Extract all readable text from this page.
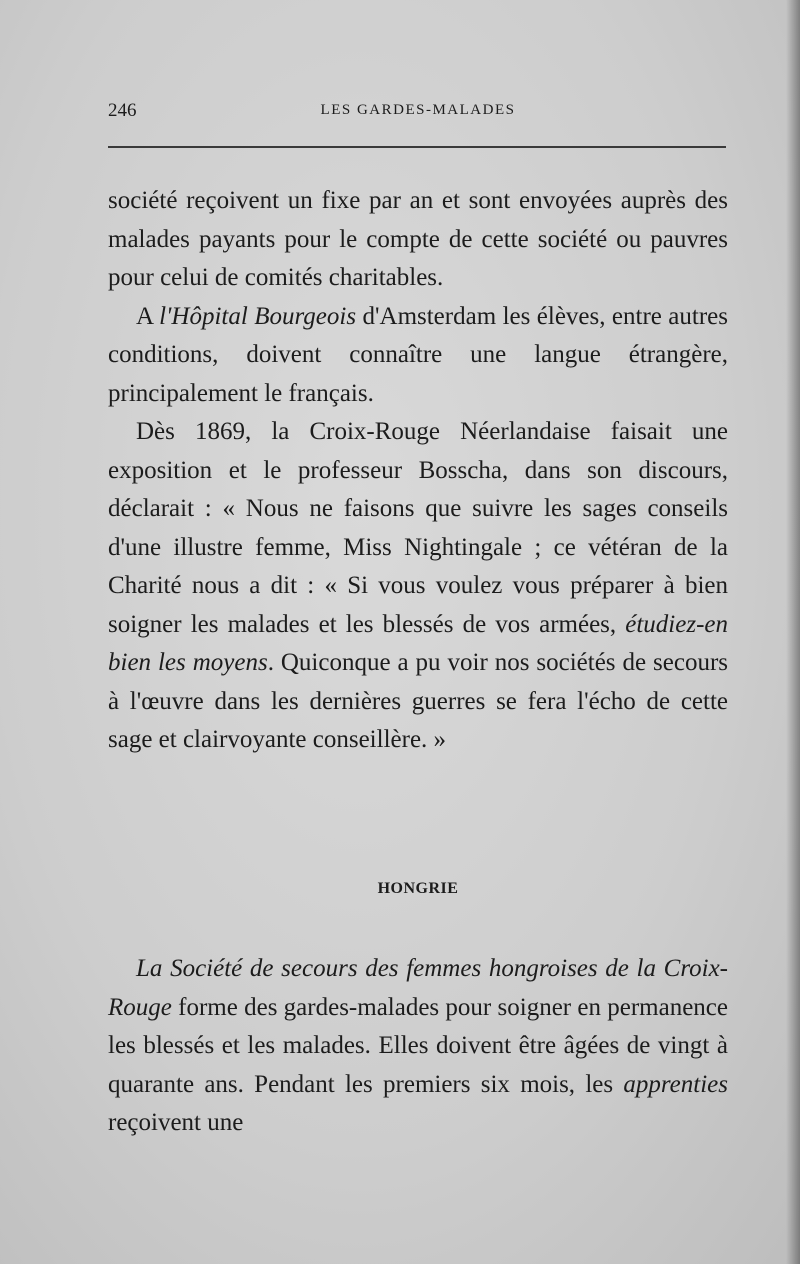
246	LES GARDES-MALADES

société reçoivent un fixe par an et sont envoyées auprès des malades payants pour le compte de cette société ou pauvres pour celui de comités charitables.

A l'Hôpital Bourgeois d'Amsterdam les élèves, entre autres conditions, doivent connaître une langue étrangère, principalement le français.

Dès 1869, la Croix-Rouge Néerlandaise faisait une exposition et le professeur Bosscha, dans son discours, déclarait : « Nous ne faisons que suivre les sages conseils d'une illustre femme, Miss Nightingale ; ce vétéran de la Charité nous a dit : « Si vous voulez vous préparer à bien soigner les malades et les blessés de vos armées, étudiez-en bien les moyens. Quiconque a pu voir nos sociétés de secours à l'œuvre dans les dernières guerres se fera l'écho de cette sage et clairvoyante conseillère. »

HONGRIE

La Société de secours des femmes hongroises de la Croix-Rouge forme des gardes-malades pour soigner en permanence les blessés et les malades. Elles doivent être âgées de vingt à quarante ans. Pendant les premiers six mois, les apprenties reçoivent une
